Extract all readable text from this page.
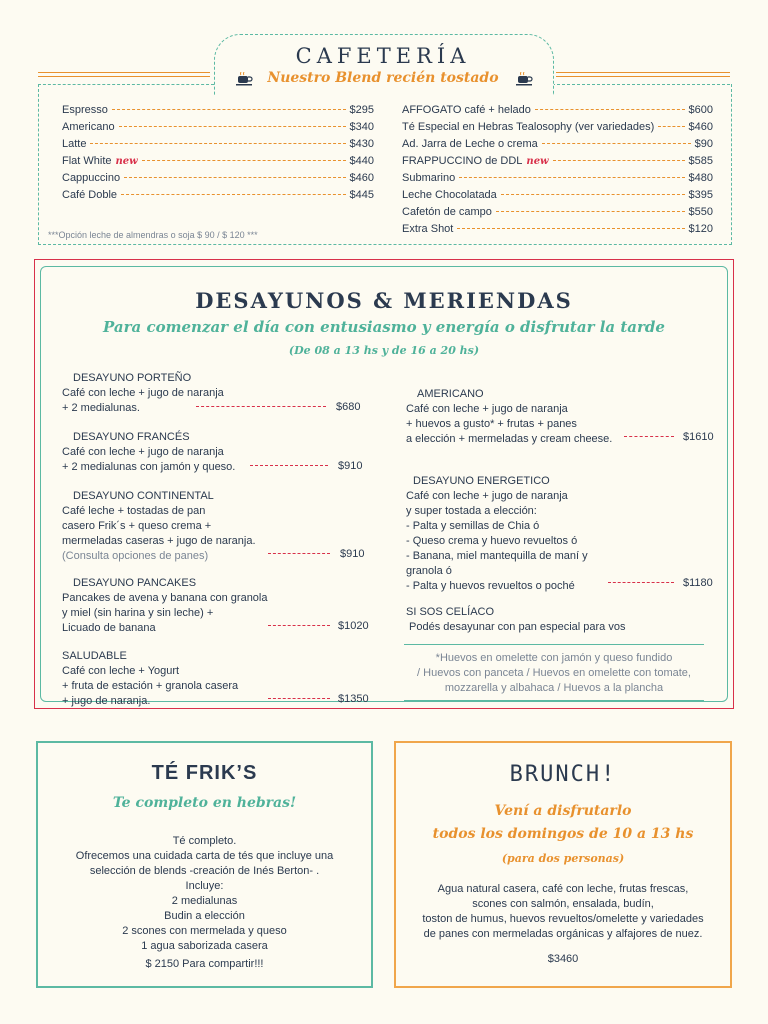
CAFETERÍA
Nuestro Blend recién tostado
Espresso	$295
Americano	$340
Latte	$430
Flat White new	$440
Cappuccino	$460
Café Doble	$445
***Opción leche de almendras o soja $ 90 / $ 120 ***
AFFOGATO café + helado	$600
Té Especial en Hebras Tealosophy (ver variedades)	$460
Ad. Jarra de Leche o crema	$90
FRAPPUCCINO de DDL new	$585
Submarino	$480
Leche Chocolatada	$395
Cafetón de campo	$550
Extra Shot	$120
DESAYUNOS & MERIENDAS
Para comenzar el día con entusiasmo y energía o disfrutar la tarde
(De 08 a 13 hs y de 16 a 20 hs)
DESAYUNO PORTEÑO
Café con leche + jugo de naranja
+ 2 medialunas.	$680
DESAYUNO FRANCÉS
Café con leche + jugo de naranja
+ 2 medialunas con jamón y queso.	$910
DESAYUNO CONTINENTAL
Café leche + tostadas de pan
casero Frik´s + queso crema +
mermeladas caseras + jugo de naranja.
(Consulta opciones de panes)	$910
DESAYUNO PANCAKES
Pancakes de avena y banana con granola
y miel (sin harina y sin leche) +
Licuado de banana	$1020
SALUDABLE
Café con leche + Yogurt
+ fruta de estación + granola casera
+ jugo de naranja.	$1350
AMERICANO
Café con leche + jugo de naranja
+ huevos a gusto* + frutas + panes
a elección + mermeladas y cream cheese.	$1610
DESAYUNO ENERGETICO
Café con leche + jugo de naranja
y super tostada a elección:
- Palta y semillas de Chia ó
- Queso crema y huevo revueltos ó
- Banana, miel mantequilla de maní y
granola ó
- Palta y huevos revueltos o poché	$1180
SI SOS CELÍACO
Podés desayunar con pan especial para vos
*Huevos en omelette con jamón y queso fundido
/ Huevos con panceta / Huevos en omelette con tomate,
mozzarella y albahaca / Huevos a la plancha
TÉ FRIK’S
Te completo en hebras!
Té completo.
Ofrecemos una cuidada carta de tés que incluye una
selección de blends -creación de Inés Berton- .
Incluye:
2 medialunas
Budin a elección
2 scones con mermelada y queso
1 agua saborizada casera
$ 2150 Para compartir!!!
BRUNCH!
Vení a disfrutarlo
todos los domingos de 10 a 13 hs
(para dos personas)
Agua natural casera, café con leche, frutas frescas,
scones con salmón, ensalada, budín,
toston de humus, huevos revueltos/omelette y variedades
de panes con mermeladas orgánicas y alfajores de nuez.
$3460
